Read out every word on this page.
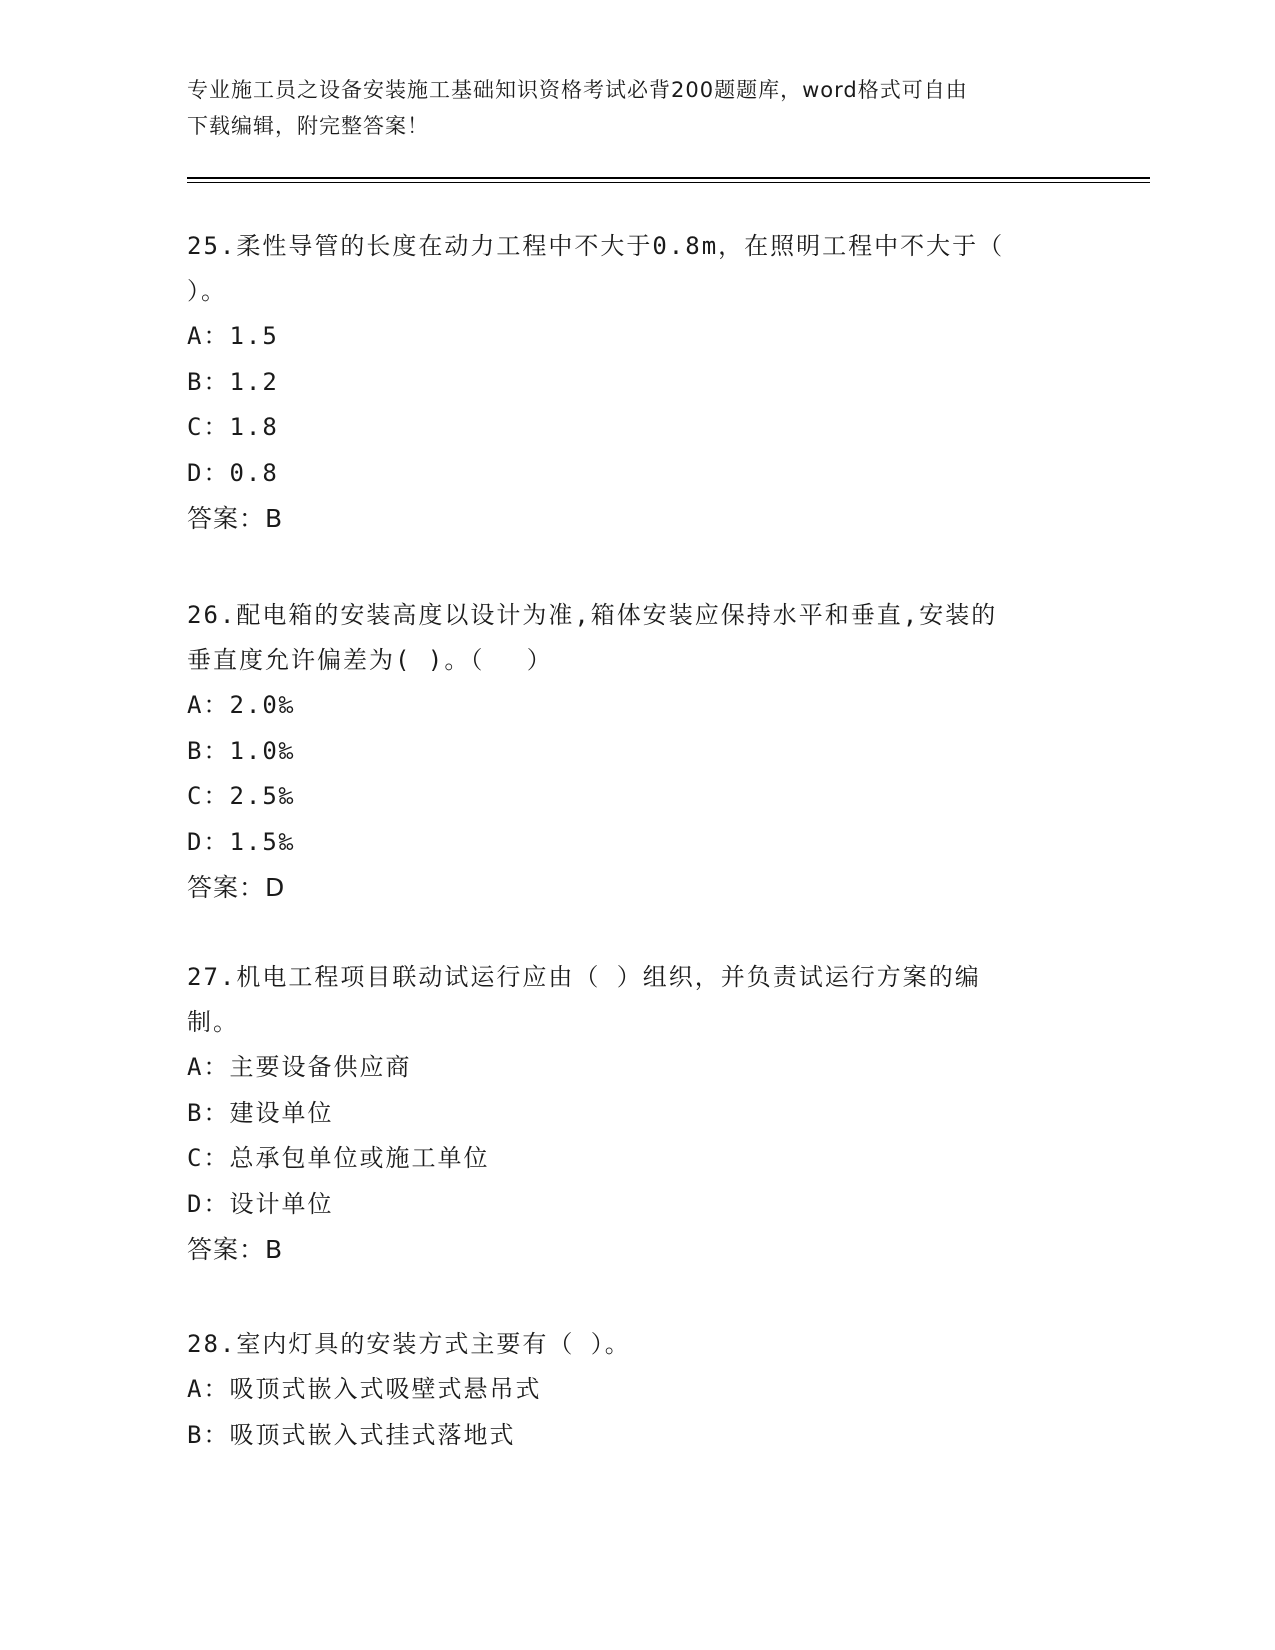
专业施工员之设备安装施工基础知识资格考试必背200题题库，word格式可自由
下载编辑，附完整答案！
25.柔性导管的长度在动力工程中不大于0.8m，在照明工程中不大于（
）。
A：1.5
B：1.2
C：1.8
D：0.8
答案：B
26.配电箱的安装高度以设计为准,箱体安装应保持水平和垂直,安装的
垂直度允许偏差为( )。（　 ）
A：2.0‰
B：1.0‰
C：2.5‰
D：1.5‰
答案：D
27.机电工程项目联动试运行应由（ ）组织，并负责试运行方案的编
制。
A：主要设备供应商
B：建设单位
C：总承包单位或施工单位
D：设计单位
答案：B
28.室内灯具的安装方式主要有（ ）。
A：吸顶式嵌入式吸壁式悬吊式
B：吸顶式嵌入式挂式落地式
